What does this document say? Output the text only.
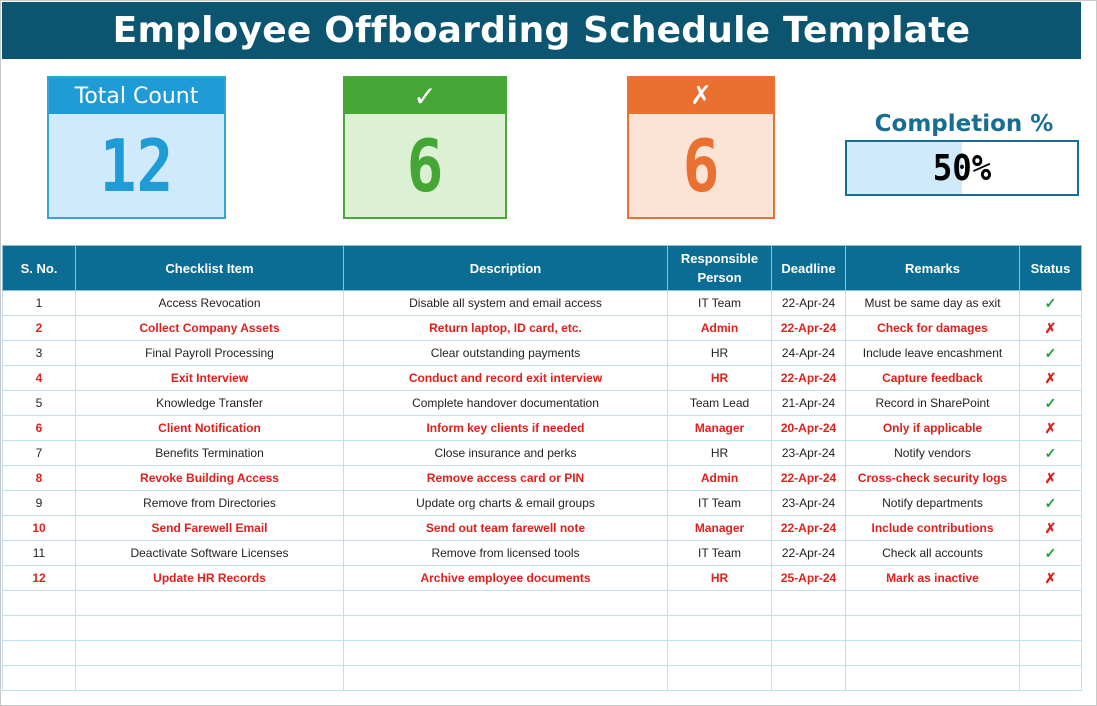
Employee Offboarding Schedule Template
Total Count
12
✓
6
✗
6	Completion %
50%
S. No.	Checklist Item	Description	Responsible Person	Deadline	Remarks	Status
1	Access Revocation	Disable all system and email access	IT Team	22-Apr-24	Must be same day as exit	✓
2	Collect Company Assets	Return laptop, ID card, etc.	Admin	22-Apr-24	Check for damages	✗
3	Final Payroll Processing	Clear outstanding payments	HR	24-Apr-24	Include leave encashment	✓
4	Exit Interview	Conduct and record exit interview	HR	22-Apr-24	Capture feedback	✗
5	Knowledge Transfer	Complete handover documentation	Team Lead	21-Apr-24	Record in SharePoint	✓
6	Client Notification	Inform key clients if needed	Manager	20-Apr-24	Only if applicable	✗
7	Benefits Termination	Close insurance and perks	HR	23-Apr-24	Notify vendors	✓
8	Revoke Building Access	Remove access card or PIN	Admin	22-Apr-24	Cross-check security logs	✗
9	Remove from Directories	Update org charts & email groups	IT Team	23-Apr-24	Notify departments	✓
10	Send Farewell Email	Send out team farewell note	Manager	22-Apr-24	Include contributions	✗
11	Deactivate Software Licenses	Remove from licensed tools	IT Team	22-Apr-24	Check all accounts	✓
12	Update HR Records	Archive employee documents	HR	25-Apr-24	Mark as inactive	✗
